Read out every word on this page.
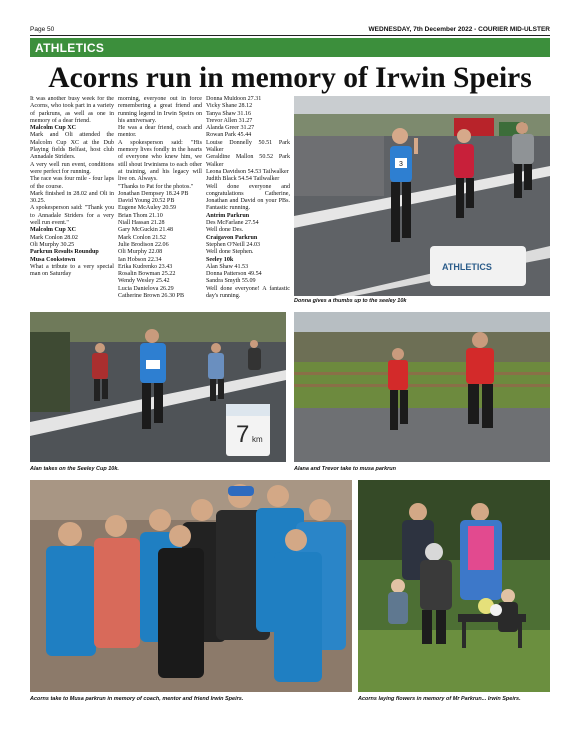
Page 50	WEDNESDAY, 7th December 2022 - COURIER MID-ULSTER
ATHLETICS
Acorns run in memory of Irwin Speirs

It was another busy week for the Acorns, who took part in a variety of parkruns, as well as one in memory of a dear friend.

Malcolm Cup XC

Mark and Oli attended the Malcolm Cup XC at the Dub Playing fields Belfast, host club Annadale Striders.

A very well run event, conditions were perfect for running.

The race was four mile - four laps of the course.

Mark finished in 28.02 and Oli in 30.25.

A spokesperson said: "Thank you to Annadale Striders for a very well run event."

Malcolm Cup XC

Mark Conlon 28.02

Oli Murphy 30.25

Parkrun Results Roundup

Musa Cookstown

What a tribute to a very special man on Saturday

morning, everyone out in force remembering a great friend and running legend in Irwin Speirs on his anniversary.

He was a dear friend, coach and mentor.

A spokesperson said: "His memory lives fondly in the hearts of everyone who knew him, we still shout Irwinisms to each other at training, and his legacy will live on. Always.

"Thanks to Pat for the photos."

Jonathan Dempsey 18.24 PB

David Young 20.52 PB

Eugene McAuley 20.59

Brian Thom 21.10

Niall Hassan 21.28

Gary McGuckin 21.48

Mark Conlon 21.52

Julie Brodison 22.06

Oli Murphy 22.08

Ian Hobson 22.34

Erika Kudrenko 23.43

Rosalin Bowman 25.22

Wendy Wesley 25.42

Lucia Danielova 26.29

Catherine Brown 26.30 PB

Donna Muldoon 27.31

Vicky Shane 28.12

Tanya Shaw 31.16

Trevor Allen 31.27

Alanda Greer 31.27

Rowan Park 45.44

Louise Donnelly 50.51 Park Walker

Geraldine Mallon 50.52 Park Walker

Leona Davidson 54.53 Tailwalker

Judith Black 54.54 Tailwalker

Well done everyone and congratulations Catherine, Jonathan and David on your PBs. Fantastic running.

Antrim Parkrun

Des McFarlane 27.54

Well done Des.

Craigavon Parkrun

Stephen O'Neill 24.03

Well done Stephen.

Seeley 10k

Alan Shaw 41.53

Donna Patterson 49.54

Sandra Smyth 55.09

Well done everyone! A fantastic day's running.

3
ATHLETICS
Donna gives a thumbs up to the seeley 10k
7 km
Alan takes on the Seeley Cup 10k.	Alana and Trevor take to musa parkrun
Acorns take to Musa parkrun in memory of coach, mentor and friend Irwin Speirs.	Acorns laying flowers in memory of Mr Parkrun... Irwin Speirs.
